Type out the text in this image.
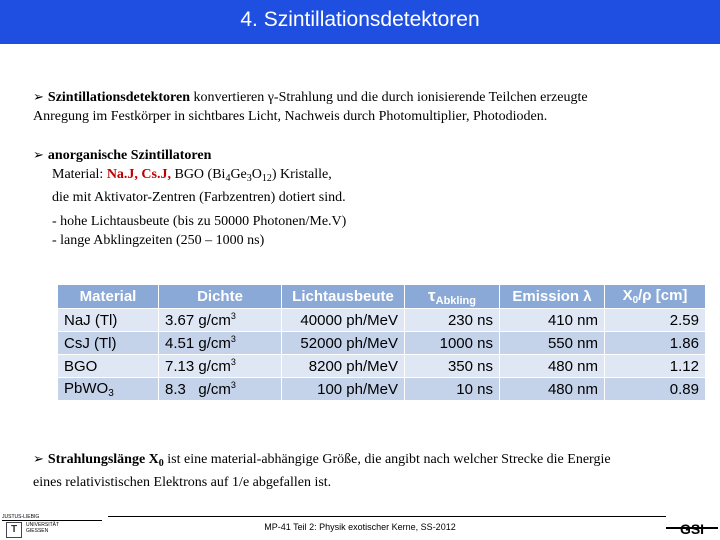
4. Szintillationsdetektoren
➢ Szintillationsdetektoren konvertieren γ-Strahlung und die durch ionisierende Teilchen erzeugte
Anregung im Festkörper in sichtbares Licht, Nachweis durch Photomultiplier, Photodioden.
➢ anorganische Szintillatoren

Material: Na.J, Cs.J, BGO $(Bi_4Ge_3O_{12})$ Kristalle,
die mit Aktivator-Zentren (Farbzentren) dotiert sind.
- hohe Lichtausbeute (bis zu 50000 Photonen/Me.V)
- lange Abklingzeiten (250 – 1000 ns)
Material	Dichte	Lichtausbeute	$\tau_{Abkling}$	Emission λ	$X_0/\rho$ [cm]
NaJ (Tl)	3.67 $g/cm^3$	40000 ph/MeV	230 ns	410 nm	2.59
CsJ (Tl)	4.51 $g/cm^3$	52000 ph/MeV	1000 ns	550 nm	1.86
BGO	7.13 $g/cm^3$	8200 ph/MeV	350 ns	480 nm	1.12
PbWO$_3$	8.3   $g/cm^3$	100 ph/MeV	10 ns	480 nm	0.89
➢ Strahlungslänge $X_0$ ist eine material-abhängige Größe, die angibt nach welcher Strecke die Energie
eines relativistischen Elektrons auf 1/e abgefallen ist.
MP-41 Teil 2: Physik exotischer Kerne, SS-2012
JUSTUS-LIEBIG
T	UNIVERSITÄT
GIESSEN	GSI
